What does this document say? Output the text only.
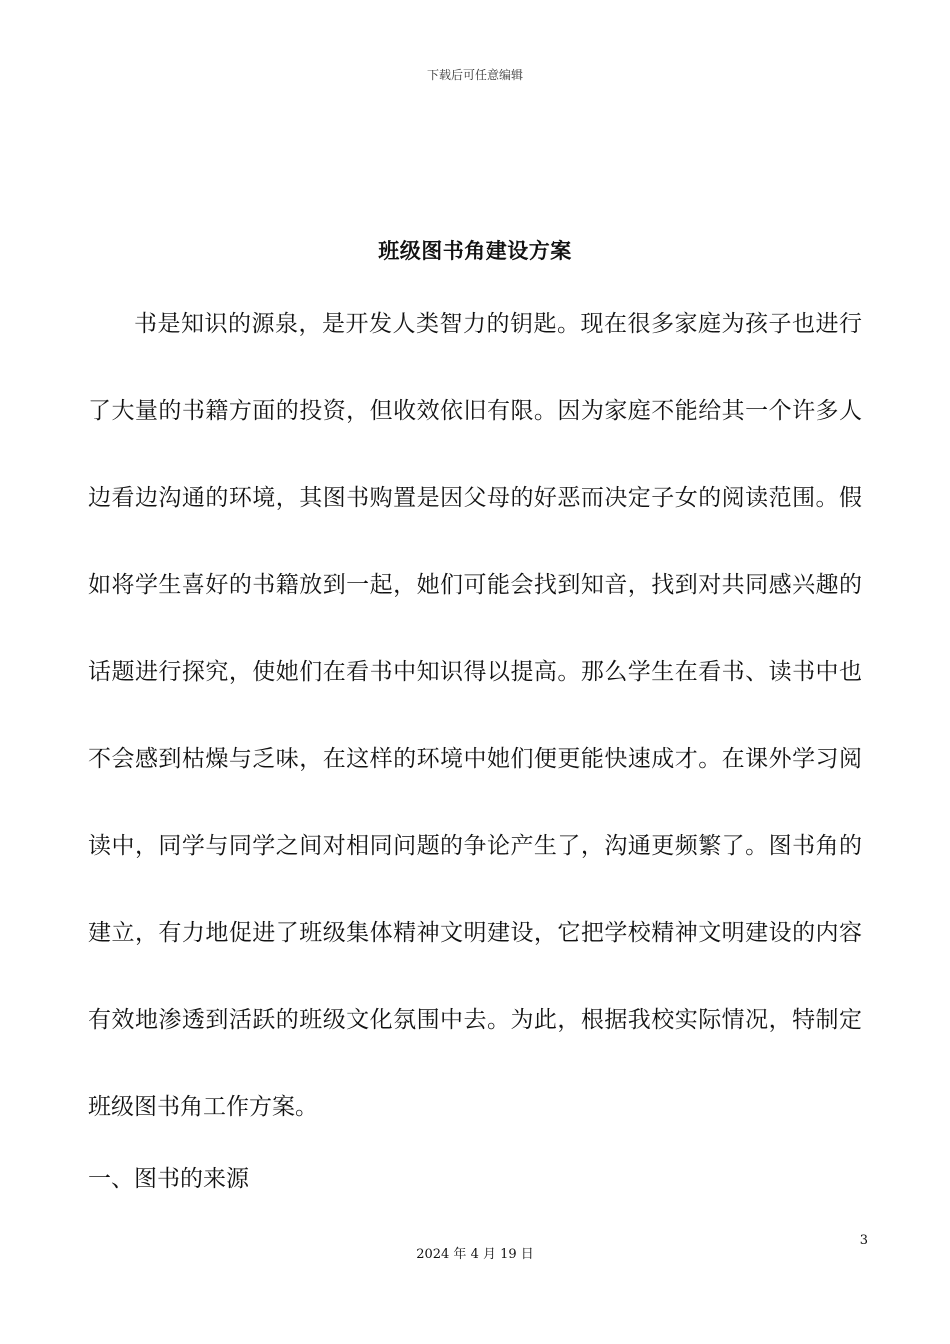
下载后可任意编辑
班级图书角建设方案
书是知识的源泉，是开发人类智力的钥匙。现在很多家庭为孩子也进行
了大量的书籍方面的投资，但收效依旧有限。因为家庭不能给其一个许多人
边看边沟通的环境，其图书购置是因父母的好恶而决定子女的阅读范围。假
如将学生喜好的书籍放到一起，她们可能会找到知音，找到对共同感兴趣的
话题进行探究，使她们在看书中知识得以提高。那么学生在看书、读书中也
不会感到枯燥与乏味，在这样的环境中她们便更能快速成才。在课外学习阅
读中，同学与同学之间对相同问题的争论产生了，沟通更频繁了。图书角的
建立，有力地促进了班级集体精神文明建设，它把学校精神文明建设的内容
有效地渗透到活跃的班级文化氛围中去。为此，根据我校实际情况，特制定
班级图书角工作方案。
一、图书的来源
3
2024 年 4 月 19 日
